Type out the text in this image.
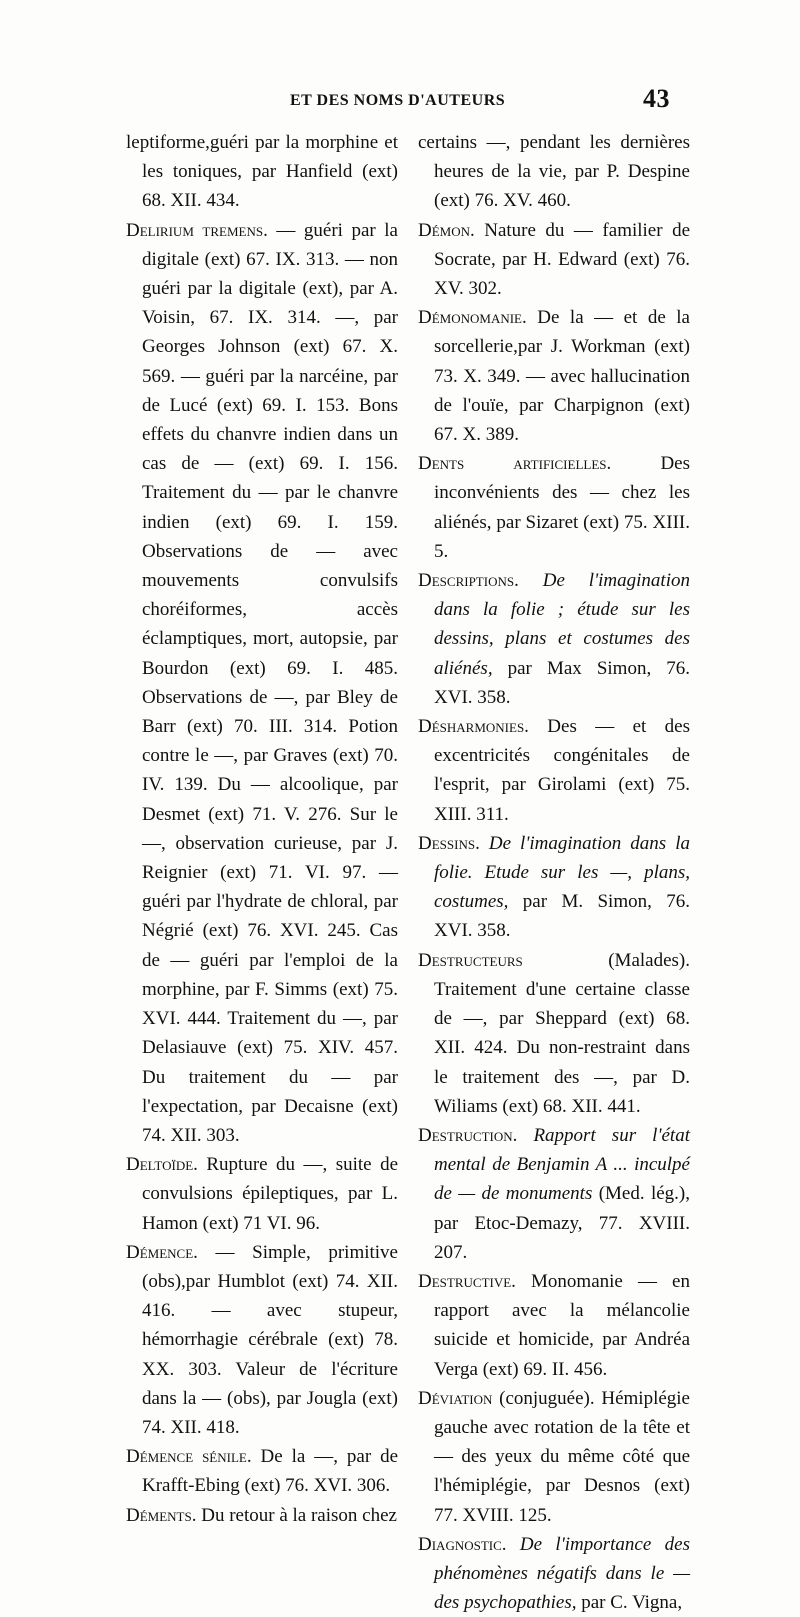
ET DES NOMS D'AUTEURS	43

leptiforme,guéri par la morphine et les toniques, par Hanfield (ext) 68. XII. 434.

Delirium tremens. — guéri par la digitale (ext) 67. IX. 313. — non guéri par la digitale (ext), par A. Voisin, 67. IX. 314. —, par Georges Johnson (ext) 67. X. 569. — guéri par la narcéine, par de Lucé (ext) 69. I. 153. Bons effets du chanvre indien dans un cas de — (ext) 69. I. 156. Traitement du — par le chanvre indien (ext) 69. I. 159. Observations de — avec mouvements convulsifs choréiformes, accès éclamptiques, mort, autopsie, par Bourdon (ext) 69. I. 485. Observations de —, par Bley de Barr (ext) 70. III. 314. Potion contre le —, par Graves (ext) 70. IV. 139. Du — alcoolique, par Desmet (ext) 71. V. 276. Sur le —, observation curieuse, par J. Reignier (ext) 71. VI. 97. — guéri par l'hydrate de chloral, par Négrié (ext) 76. XVI. 245. Cas de — guéri par l'emploi de la morphine, par F. Simms (ext) 75. XVI. 444. Traitement du —, par Delasiauve (ext) 75. XIV. 457. Du traitement du — par l'expectation, par Decaisne (ext) 74. XII. 303.

Deltoïde. Rupture du —, suite de convulsions épileptiques, par L. Hamon (ext) 71 VI. 96.

Démence. — Simple, primitive (obs),par Humblot (ext) 74. XII. 416. — avec stupeur, hémorrhagie cérébrale (ext) 78. XX. 303. Valeur de l'écriture dans la — (obs), par Jougla (ext) 74. XII. 418.

Démence sénile. De la —, par de Krafft-Ebing (ext) 76. XVI. 306.

Déments. Du retour à la raison chez

certains —, pendant les dernières heures de la vie, par P. Despine (ext) 76. XV. 460.

Démon. Nature du — familier de Socrate, par H. Edward (ext) 76. XV. 302.

Démonomanie. De la — et de la sorcellerie,par J. Workman (ext) 73. X. 349. — avec hallucination de l'ouïe, par Charpignon (ext) 67. X. 389.

Dents artificielles. Des inconvénients des — chez les aliénés, par Sizaret (ext) 75. XIII. 5.

Descriptions. De l'imagination dans la folie ; étude sur les dessins, plans et costumes des aliénés, par Max Simon, 76. XVI. 358.

Désharmonies. Des — et des excentricités congénitales de l'esprit, par Girolami (ext) 75. XIII. 311.

Dessins. De l'imagination dans la folie. Etude sur les —, plans, costumes, par M. Simon, 76. XVI. 358.

Destructeurs (Malades). Traitement d'une certaine classe de —, par Sheppard (ext) 68. XII. 424. Du non-restraint dans le traitement des —, par D. Wiliams (ext) 68. XII. 441.

Destruction. Rapport sur l'état mental de Benjamin A ... inculpé de — de monuments (Med. lég.), par Etoc-Demazy, 77. XVIII. 207.

Destructive. Monomanie — en rapport avec la mélancolie suicide et homicide, par Andréa Verga (ext) 69. II. 456.

Déviation (conjuguée). Hémiplégie gauche avec rotation de la tête et — des yeux du même côté que l'hémiplégie, par Desnos (ext) 77. XVIII. 125.

Diagnostic. De l'importance des phénomènes négatifs dans le — des psychopathies, par C. Vigna,
